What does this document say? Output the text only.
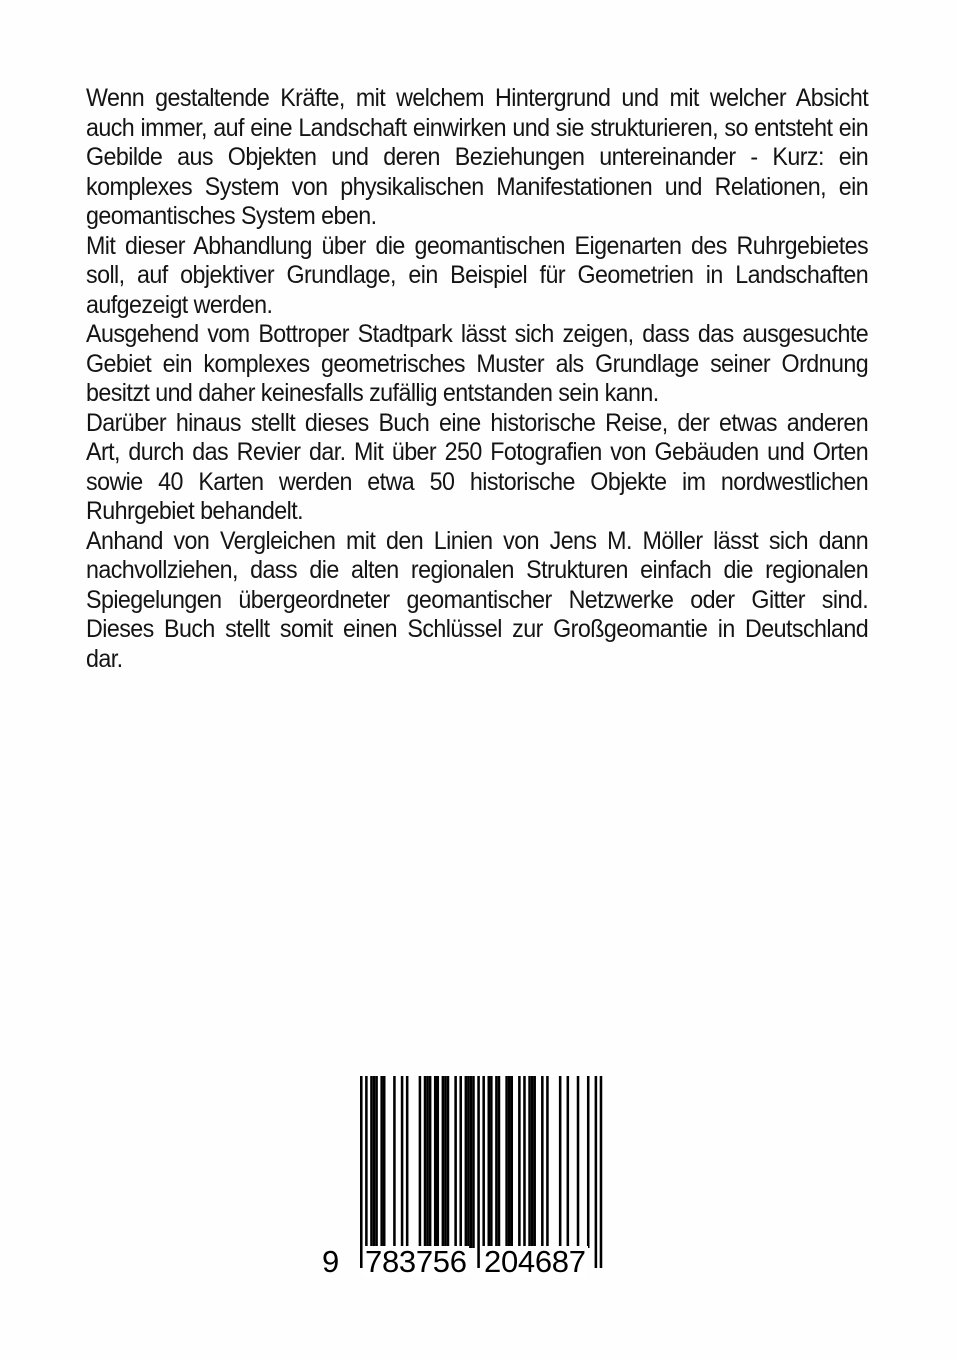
Wenn gestaltende Kräfte, mit welchem Hintergrund und mit welcher Absicht auch immer, auf eine Landschaft einwirken und sie strukturieren, so entsteht ein Gebilde aus Objekten und deren Beziehungen untereinander - Kurz: ein komplexes System von physikalischen Manifestationen und Relationen, ein geomantisches System eben.

Mit dieser Abhandlung über die geomantischen Eigenarten des Ruhrgebietes soll, auf objektiver Grundlage, ein Beispiel für Geometrien in Landschaften aufgezeigt werden.

Ausgehend vom Bottroper Stadtpark lässt sich zeigen, dass das ausgesuchte Gebiet ein komplexes geometrisches Muster als Grundlage seiner Ordnung besitzt und daher keinesfalls zufällig entstanden sein kann.

Darüber hinaus stellt dieses Buch eine historische Reise, der etwas anderen Art, durch das Revier dar. Mit über 250 Fotografien von Gebäuden und Orten sowie 40 Karten werden etwa 50 historische Objekte im nordwestlichen Ruhrgebiet behandelt.

Anhand von Vergleichen mit den Linien von Jens M. Möller lässt sich dann nachvollziehen, dass die alten regionalen Strukturen einfach die regionalen Spiegelungen übergeordneter geomantischer Netzwerke oder Gitter sind. Dieses Buch stellt somit einen Schlüssel zur Großgeomantie in Deutschland dar.

9 783756 204687
